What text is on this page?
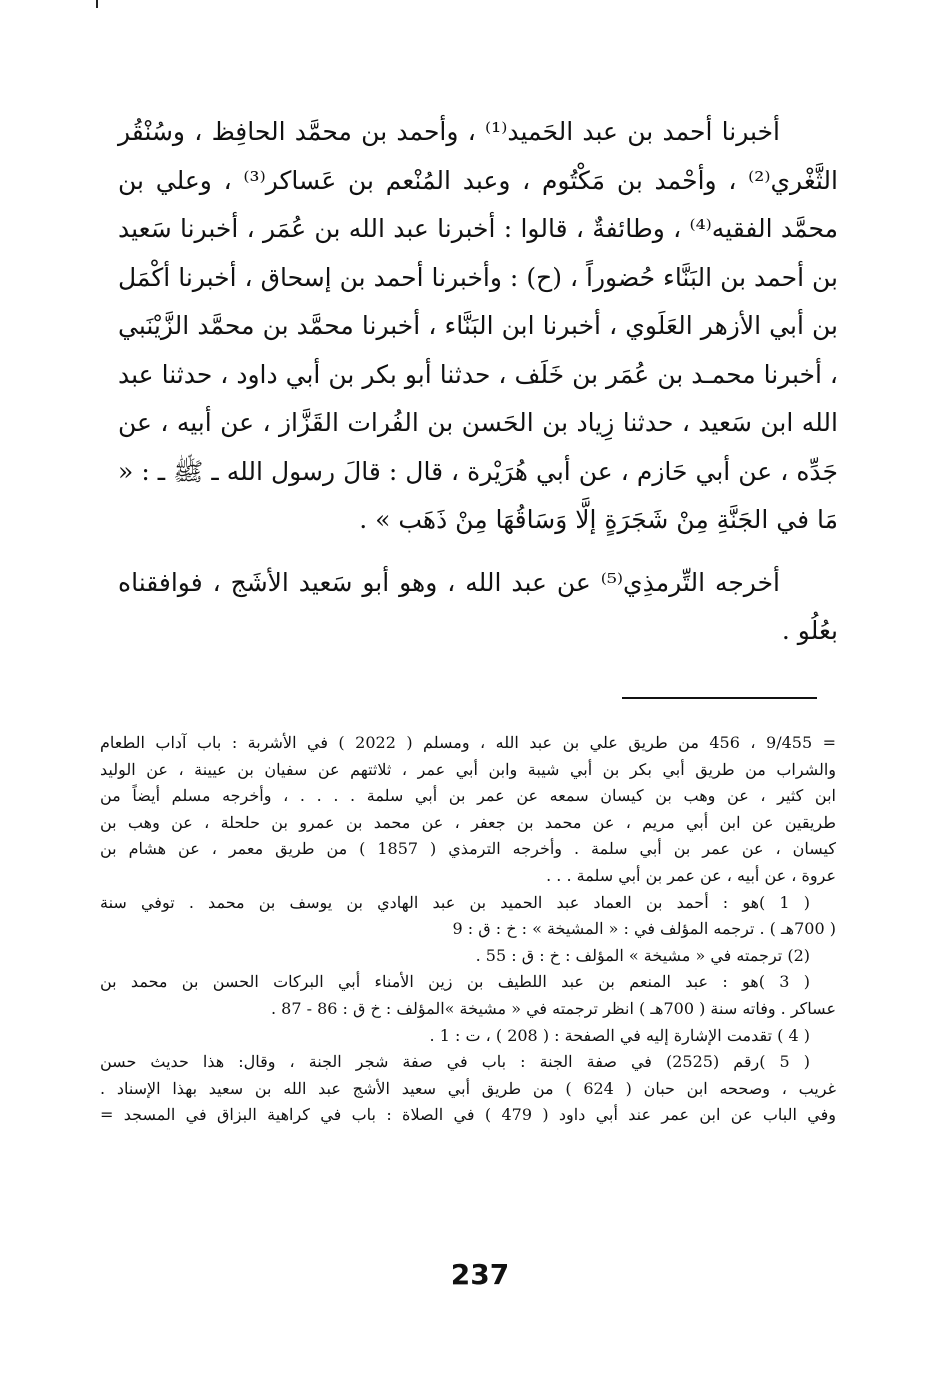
أخبرنا أحمد بن عبد الحَميد⁽¹⁾ ، وأحمد بن محمَّد الحافِظ ، وسُنْقُر الثَّغْري⁽²⁾ ، وأحْمد بن مَكْتُوم ، وعبد المُنْعم بن عَساكر⁽³⁾ ، وعلي بن محمَّد الفقيه⁽⁴⁾ ، وطائفةٌ ، قالوا : أخبرنا عبد الله بن عُمَر ، أخبرنا سَعيد بن أحمد بن البَنَّاء حُضوراً ، (ح) : وأخبرنا أحمد بن إسحاق ، أخبرنا أكْمَل بن أبي الأزهر العَلَوي ، أخبرنا ابن البَنَّاء ، أخبرنا محمَّد بن محمَّد الزَّيْنَبي ، أخبرنا محمـد بن عُمَر بن خَلَف ، حدثنا أبو بكر بن أبي داود ، حدثنا عبد الله ابن سَعيد ، حدثنا زِياد بن الحَسن بن الفُرات القَزَّاز ، عن أبيه ، عن جَدِّه ، عن أبي حَازم ، عن أبي هُرَيْرة ، قال : قالَ رسول الله ـ ﷺ ـ : « مَا في الجَنَّةِ مِنْ شَجَرَةٍ إلَّا وَسَاقُهَا مِنْ ذَهَب » .

أخرجه التِّرمذِي⁽⁵⁾ عن عبد الله ، وهو أبو سَعيد الأشَج ، فوافقناه بعُلُو .

= 9/455 ، 456 من طريق علي بن عبد الله ، ومسلم ( 2022 ) في الأشربة : باب آداب الطعام
والشراب من طريق أبي بكر بن أبي شيبة وابن أبي عمر ، ثلاثتهم عن سفيان بن عيينة ، عن الوليد
ابن كثير ، عن وهب بن كيسان سمعه عن عمر بن أبي سلمة . . . . ، وأخرجه مسلم أيضاً من
طريقين عن ابن أبي مريم ، عن محمد بن جعفر ، عن محمد بن عمرو بن حلحلة ، عن وهب بن
كيسان ، عن عمر بن أبي سلمة . وأخرجه الترمذي ( 1857 ) من طريق معمر ، عن هشام بن
عروة ، عن أبيه ، عن عمر بن أبي سلمة . . .
( 1 )هو : أحمد بن العماد عبد الحميد بن عبد الهادي بن يوسف بن محمد . توفي سنة
( 700هـ ) . ترجمه المؤلف في : « المشيخة » : خ : ق : 9
(2) ترجمته في « مشيخة » المؤلف : خ : ق : 55 .
( 3 )هو : عبد المنعم بن عبد اللطيف بن زين الأمناء أبي البركات الحسن بن محمد بن
عساكر . وفاته سنة ( 700هـ ) انظر ترجمته في « مشيخة »المؤلف : خ ق : 86 - 87 .
( 4 ) تقدمت الإشارة إليه في الصفحة : ( 208 ) ، ت : 1 .
( 5 )رقم (2525) في صفة الجنة : باب في صفة شجر الجنة ، وقال: هذا حديث حسن
غريب ، وصححه ابن حبان ( 624 ) من طريق أبي سعيد الأشج عبد الله بن سعيد بهذا الإسناد .
وفي الباب عن ابن عمر عند أبي داود ( 479 ) في الصلاة : باب في كراهية البزاق في المسجد =
237
